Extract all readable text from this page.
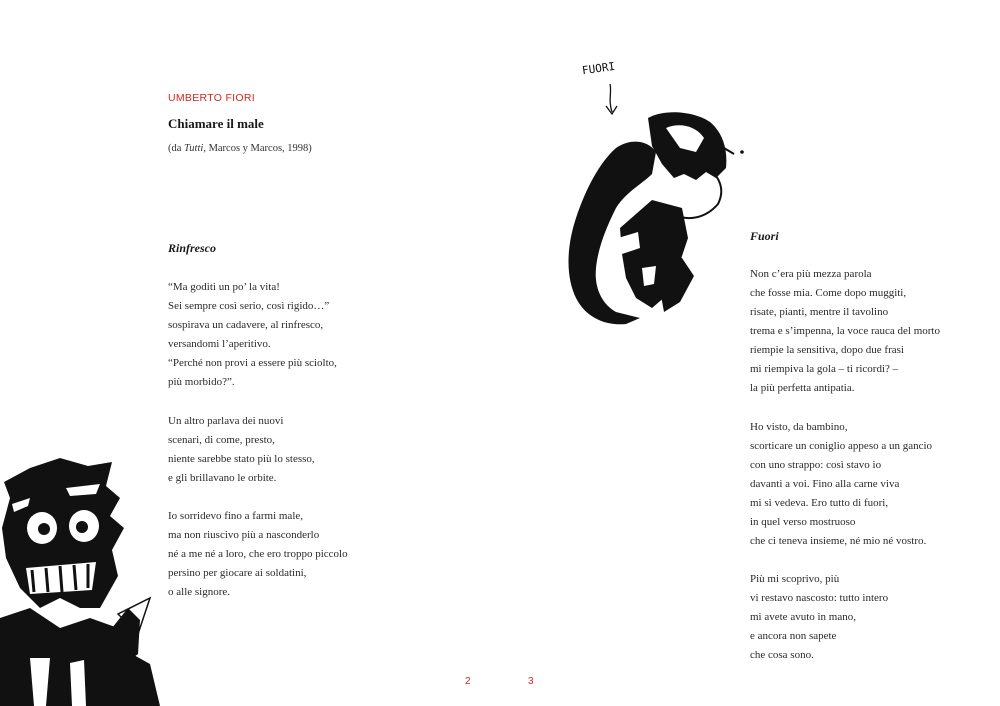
UMBERTO FIORI
Chiamare il male
(da Tutti, Marcos y Marcos, 1998)
Rinfresco
“Ma goditi un po’ la vita!
Sei sempre così serio, così rigido…”
sospirava un cadavere, al rinfresco,
versandomi l’aperitivo.
“Perché non provi a essere più sciolto,
più morbido?”.
Un altro parlava dei nuovi
scenari, di come, presto,
niente sarebbe stato più lo stesso,
e gli brillavano le orbite.
Io sorridevo fino a farmi male,
ma non riuscivo più a nasconderlo
né a me né a loro, che ero troppo piccolo
persino per giocare ai soldatini,
o alle signore.
2
Fuori
Non c’era più mezza parola
che fosse mia. Come dopo muggiti,
risate, pianti, mentre il tavolino
trema e s’impenna, la voce rauca del morto
riempie la sensitiva, dopo due frasi
mi riempiva la gola – ti ricordi? –
la più perfetta antipatia.
Ho visto, da bambino,
scorticare un coniglio appeso a un gancio
con uno strappo: così stavo io
davanti a voi. Fino alla carne viva
mi si vedeva. Ero tutto di fuori,
in quel verso mostruoso
che ci teneva insieme, né mio né vostro.
Più mi scoprivo, più
vi restavo nascosto: tutto intero
mi avete avuto in mano,
e ancora non sapete
che cosa sono.
3
FUORI
